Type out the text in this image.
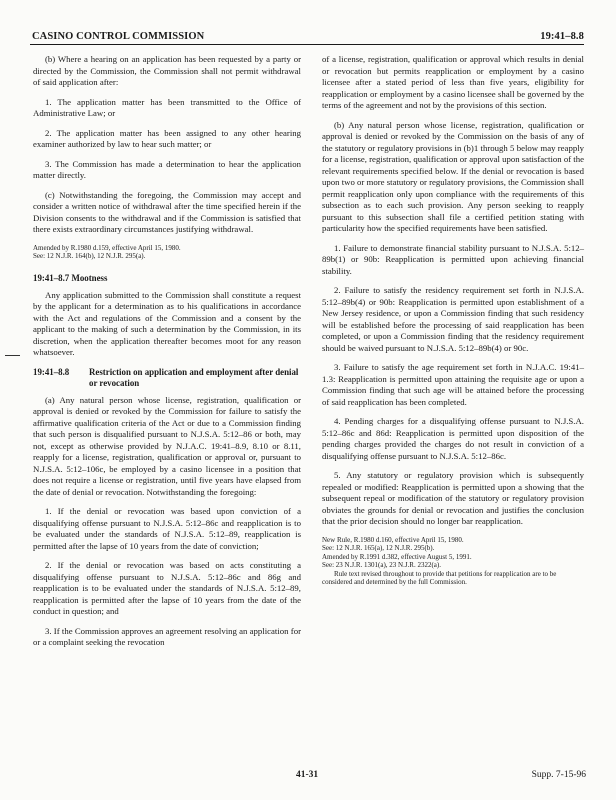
CASINO CONTROL COMMISSION	19:41–8.8

(b) Where a hearing on an application has been requested by a party or directed by the Commission, the Commission shall not permit withdrawal of said application after:

1. The application matter has been transmitted to the Office of Administrative Law; or

2. The application matter has been assigned to any other hearing examiner authorized by law to hear such matter; or

3. The Commission has made a determination to hear the application matter directly.

(c) Notwithstanding the foregoing, the Commission may accept and consider a written notice of withdrawal after the time specified herein if the Division consents to the withdrawal and if the Commission is satisfied that there exists extraordinary circumstances justifying withdrawal.

Amended by R.1980 d.159, effective April 15, 1980.
See: 12 N.J.R. 164(b), 12 N.J.R. 295(a).
19:41–8.7 Mootness

Any application submitted to the Commission shall constitute a request by the applicant for a determination as to his qualifications in accordance with the Act and regulations of the Commission and a consent by the applicant to the making of such a determination by the Commission, in its discretion, when the application thereafter becomes moot for any reason whatsoever.

19:41–8.8	Restriction on application and employment after denial or revocation

(a) Any natural person whose license, registration, qualification or approval is denied or revoked by the Commission for failure to satisfy the affirmative qualification criteria of the Act or due to a Commission finding that such person is disqualified pursuant to N.J.S.A. 5:12–86 or both, may not, except as otherwise provided by N.J.A.C. 19:41–8.9, 8.10 or 8.11, reapply for a license, registration, qualification or approval or, pursuant to N.J.S.A. 5:12–106c, be employed by a casino licensee in a position that does not require a license or registration, until five years have elapsed from the date of denial or revocation. Notwithstanding the foregoing:

1. If the denial or revocation was based upon conviction of a disqualifying offense pursuant to N.J.S.A. 5:12–86c and reapplication is to be evaluated under the standards of N.J.S.A. 5:12–89, reapplication is permitted after the lapse of 10 years from the date of conviction;

2. If the denial or revocation was based on acts constituting a disqualifying offense pursuant to N.J.S.A. 5:12–86c and 86g and reapplication is to be evaluated under the standards of N.J.S.A. 5:12–89, reapplication is permitted after the lapse of 10 years from the date of the conduct in question; and

3. If the Commission approves an agreement resolving an application for or a complaint seeking the revocation

of a license, registration, qualification or approval which results in denial or revocation but permits reapplication or employment by a casino licensee after a stated period of less than five years, eligibility for reapplication or employment by a casino licensee shall be governed by the terms of the agreement and not by the provisions of this section.

(b) Any natural person whose license, registration, qualification or approval is denied or revoked by the Commission on the basis of any of the statutory or regulatory provisions in (b)1 through 5 below may reapply for a license, registration, qualification or approval upon satisfaction of the relevant requirements specified below. If the denial or revocation is based upon two or more statutory or regulatory provisions, the Commission shall permit reapplication only upon compliance with the requirements of this subsection as to each such provision. Any person seeking to reapply pursuant to this subsection shall file a certified petition stating with particularity how the specified requirements have been satisfied.

1. Failure to demonstrate financial stability pursuant to N.J.S.A. 5:12–89b(1) or 90b: Reapplication is permitted upon achieving financial stability.

2. Failure to satisfy the residency requirement set forth in N.J.S.A. 5:12–89b(4) or 90b: Reapplication is permitted upon establishment of a New Jersey residence, or upon a Commission finding that such residency will be established before the processing of said reapplication has been completed, or upon a Commission finding that the residency requirement should be waived pursuant to N.J.S.A. 5:12–89b(4) or 90c.

3. Failure to satisfy the age requirement set forth in N.J.A.C. 19:41–1.3: Reapplication is permitted upon attaining the requisite age or upon a Commission finding that such age will be attained before the processing of said reapplication has been completed.

4. Pending charges for a disqualifying offense pursuant to N.J.S.A. 5:12–86c and 86d: Reapplication is permitted upon disposition of the pending charges provided the charges do not result in conviction of a disqualifying offense pursuant to N.J.S.A. 5:12–86c.

5. Any statutory or regulatory provision which is subsequently repealed or modified: Reapplication is permitted upon a showing that the subsequent repeal or modification of the statutory or regulatory provision obviates the grounds for denial or revocation and justifies the conclusion that the prior decision should no longer bar reapplication.

New Rule, R.1980 d.160, effective April 15, 1980.
See: 12 N.J.R. 165(a), 12 N.J.R. 295(b).
Amended by R.1991 d.382, effective August 5, 1991.
See: 23 N.J.R. 1301(a), 23 N.J.R. 2322(a).
Rule text revised throughout to provide that petitions for reapplication are to be considered and determined by the full Commission.
41-31	Supp. 7-15-96
